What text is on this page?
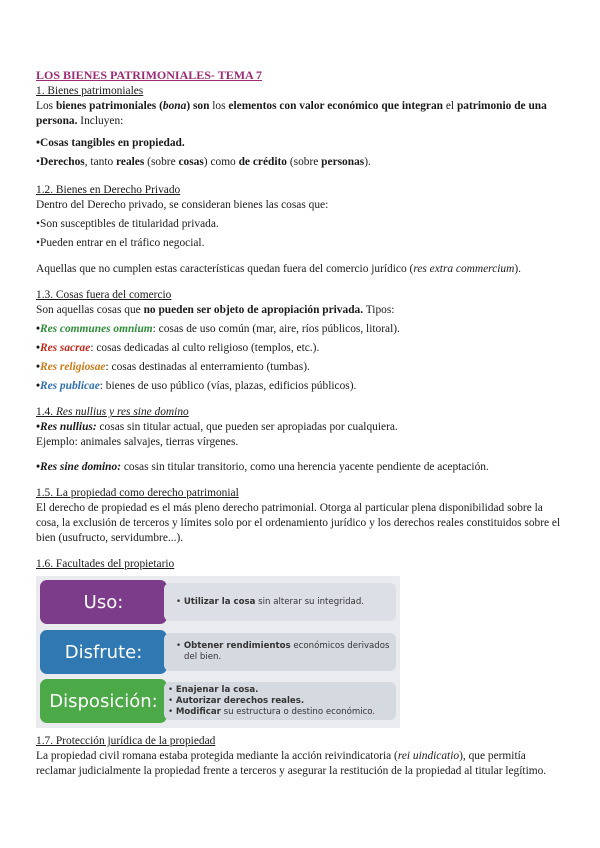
LOS BIENES PATRIMONIALES- TEMA 7
1. Bienes patrimoniales

Los bienes patrimoniales (bona) son los elementos con valor económico que integran el patrimonio de una persona. Incluyen:

•Cosas tangibles en propiedad.

•Derechos, tanto reales (sobre cosas) como de crédito (sobre personas).

1.2. Bienes en Derecho Privado

Dentro del Derecho privado, se consideran bienes las cosas que:

•Son susceptibles de titularidad privada.

•Pueden entrar en el tráfico negocial.

Aquellas que no cumplen estas características quedan fuera del comercio jurídico (res extra commercium).

1.3. Cosas fuera del comercio

Son aquellas cosas que no pueden ser objeto de apropiación privada. Tipos:

•Res communes omnium: cosas de uso común (mar, aire, ríos públicos, litoral).

•Res sacrae: cosas dedicadas al culto religioso (templos, etc.).

•Res religiosae: cosas destinadas al enterramiento (tumbas).

•Res publicae: bienes de uso público (vías, plazas, edificios públicos).

1.4. Res nullius y res sine domino

•Res nullius: cosas sin titular actual, que pueden ser apropiadas por cualquiera.

Ejemplo: animales salvajes, tierras vírgenes.

•Res sine domino: cosas sin titular transitorio, como una herencia yacente pendiente de aceptación.

1.5. La propiedad como derecho patrimonial

El derecho de propiedad es el más pleno derecho patrimonial. Otorga al particular plena disponibilidad sobre la cosa, la exclusión de terceros y límites solo por el ordenamiento jurídico y los derechos reales constituidos sobre el bien (usufructo, servidumbre...).

1.6. Facultades del propietario
Uso:	• Utilizar la cosa sin alterar su integridad.
Disfrute:	• Obtener rendimientos económicos derivados del bien.
Disposición:
• Enajenar la cosa.
• Autorizar derechos reales.
• Modificar su estructura o destino económico.
1.7. Protección jurídica de la propiedad

La propiedad civil romana estaba protegida mediante la acción reivindicatoria (rei uindicatio), que permitía reclamar judicialmente la propiedad frente a terceros y asegurar la restitución de la propiedad al titular legítimo.
